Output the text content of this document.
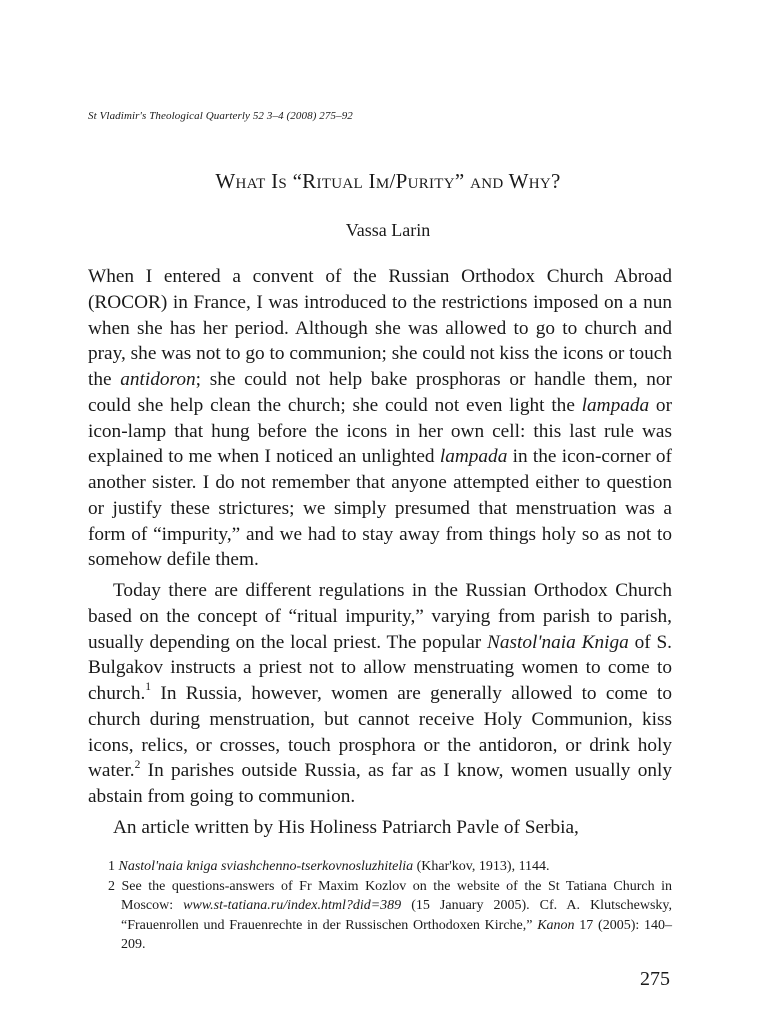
St Vladimir's Theological Quarterly 52 3–4 (2008) 275–92
What Is “Ritual Im/Purity” and Why?
Vassa Larin

When I entered a convent of the Russian Orthodox Church Abroad (ROCOR) in France, I was introduced to the restrictions imposed on a nun when she has her period. Although she was allowed to go to church and pray, she was not to go to communion; she could not kiss the icons or touch the antidoron; she could not help bake prosphoras or handle them, nor could she help clean the church; she could not even light the lampada or icon-lamp that hung before the icons in her own cell: this last rule was explained to me when I noticed an unlighted lampada in the icon-corner of another sister. I do not remember that anyone attempted either to question or justify these strictures; we simply presumed that menstruation was a form of “impurity,” and we had to stay away from things holy so as not to somehow defile them.

Today there are different regulations in the Russian Orthodox Church based on the concept of “ritual impurity,” varying from parish to parish, usually depending on the local priest. The popular Nastol'naia Kniga of S. Bulgakov instructs a priest not to allow menstruating women to come to church.$^1$ In Russia, however, women are generally allowed to come to church during menstruation, but cannot receive Holy Communion, kiss icons, relics, or crosses, touch prosphora or the antidoron, or drink holy water.$^2$ In parishes outside Russia, as far as I know, women usually only abstain from going to communion.

An article written by His Holiness Patriarch Pavle of Serbia,

1 Nastol'naia kniga sviashchenno-tserkovnosluzhitelia (Khar'kov, 1913), 1144.
2 See the questions-answers of Fr Maxim Kozlov on the website of the St Tatiana Church in Moscow: www.st-tatiana.ru/index.html?did=389 (15 January 2005). Cf. A. Klutschewsky, “Frauenrollen und Frauenrechte in der Russischen Orthodoxen Kirche,” Kanon 17 (2005): 140–209.
275
